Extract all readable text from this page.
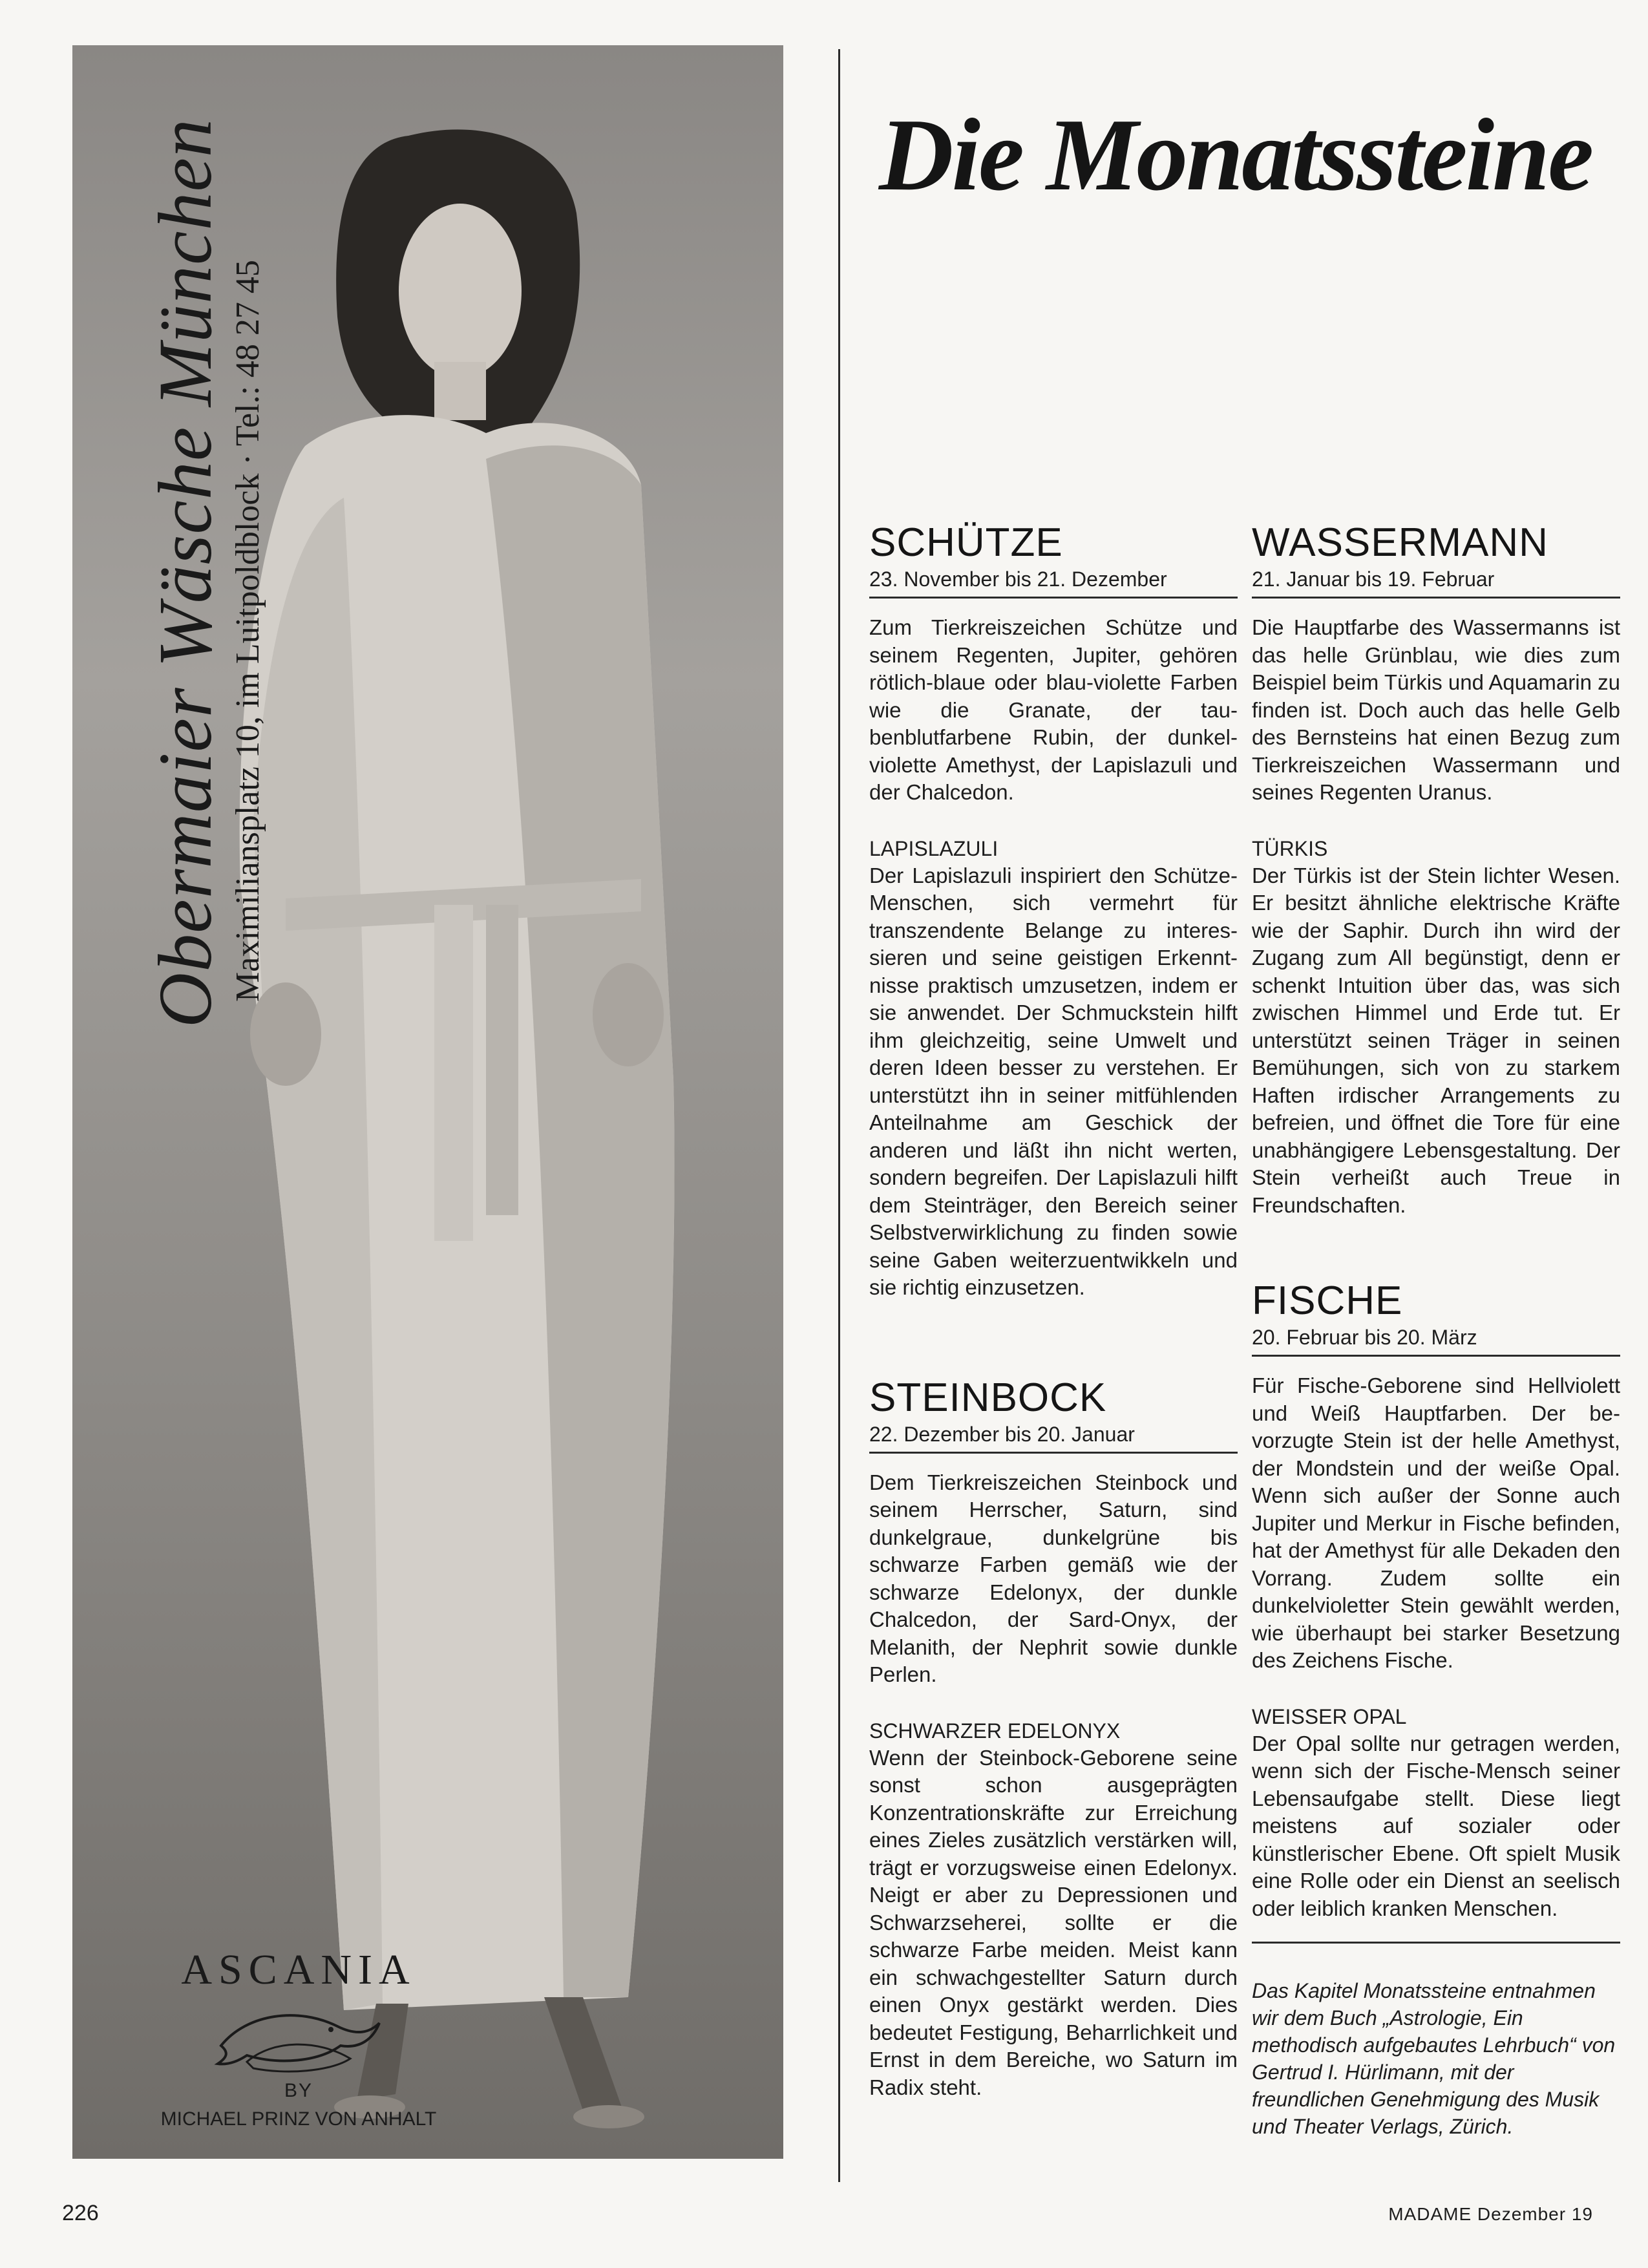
Obermaier Wäsche München Maximiliansplatz 10, im Luitpoldblock · Tel.: 48 27 45
ASCANIA
BY
MICHAEL PRINZ VON ANHALT
Die Monatssteine
SCHÜTZE
23. November bis 21. Dezember

Zum Tierkreiszeichen Schütze und seinem Regenten, Jupiter, gehören rötlich-blaue oder blau-violette Farben wie die Granate, der taubenblutfarbene Rubin, der dunkelviolette Amethyst, der Lapislazuli und der Chalcedon.

LAPISLAZULI

Der Lapislazuli inspiriert den Schütze-Menschen, sich vermehrt für transzendente Belange zu interessieren und seine geistigen Erkenntnisse praktisch umzusetzen, indem er sie anwendet. Der Schmuckstein hilft ihm gleichzeitig, seine Umwelt und deren Ideen besser zu verstehen. Er unterstützt ihn in seiner mitfühlenden Anteilnahme am Geschick der anderen und läßt ihn nicht werten, sondern begreifen. Der Lapislazuli hilft dem Steinträger, den Bereich seiner Selbstverwirklichung zu finden sowie seine Gaben weiterzuentwikkeln und sie richtig einzusetzen.

STEINBOCK
22. Dezember bis 20. Januar

Dem Tierkreiszeichen Steinbock und seinem Herrscher, Saturn, sind dunkelgraue, dunkelgrüne bis schwarze Farben gemäß wie der schwarze Edelonyx, der dunkle Chalcedon, der Sard-Onyx, der Melanith, der Nephrit sowie dunkle Perlen.

SCHWARZER EDELONYX

Wenn der Steinbock-Geborene seine sonst schon ausgeprägten Konzentrationskräfte zur Erreichung eines Zieles zusätzlich verstärken will, trägt er vorzugsweise einen Edelonyx. Neigt er aber zu Depressionen und Schwarzseherei, sollte er die schwarze Farbe meiden. Meist kann ein schwachgestellter Saturn durch einen Onyx gestärkt werden. Dies bedeutet Festigung, Beharrlichkeit und Ernst in dem Bereiche, wo Saturn im Radix steht.

WASSERMANN
21. Januar bis 19. Februar

Die Hauptfarbe des Wassermanns ist das helle Grünblau, wie dies zum Beispiel beim Türkis und Aquamarin zu finden ist. Doch auch das helle Gelb des Bernsteins hat einen Bezug zum Tierkreiszeichen Wassermann und seines Regenten Uranus.

TÜRKIS

Der Türkis ist der Stein lichter Wesen. Er besitzt ähnliche elektrische Kräfte wie der Saphir. Durch ihn wird der Zugang zum All begünstigt, denn er schenkt Intuition über das, was sich zwischen Himmel und Erde tut. Er unterstützt seinen Träger in seinen Bemühungen, sich von zu starkem Haften irdischer Arrangements zu befreien, und öffnet die Tore für eine unabhängigere Lebensgestaltung. Der Stein verheißt auch Treue in Freundschaften.

FISCHE
20. Februar bis 20. März

Für Fische-Geborene sind Hellviolett und Weiß Hauptfarben. Der bevorzugte Stein ist der helle Amethyst, der Mondstein und der weiße Opal. Wenn sich außer der Sonne auch Jupiter und Merkur in Fische befinden, hat der Amethyst für alle Dekaden den Vorrang. Zudem sollte ein dunkelvioletter Stein gewählt werden, wie überhaupt bei starker Besetzung des Zeichens Fische.

WEISSER OPAL

Der Opal sollte nur getragen werden, wenn sich der Fische-Mensch seiner Lebensaufgabe stellt. Diese liegt meistens auf sozialer oder künstlerischer Ebene. Oft spielt Musik eine Rolle oder ein Dienst an seelisch oder leiblich kranken Menschen.

Das Kapitel Monatssteine entnahmen wir dem Buch „Astrologie, Ein methodisch aufgebautes Lehrbuch“ von Gertrud I. Hürlimann, mit der freundlichen Genehmigung des Musik und Theater Verlags, Zürich.

226	MADAME Dezember 19
